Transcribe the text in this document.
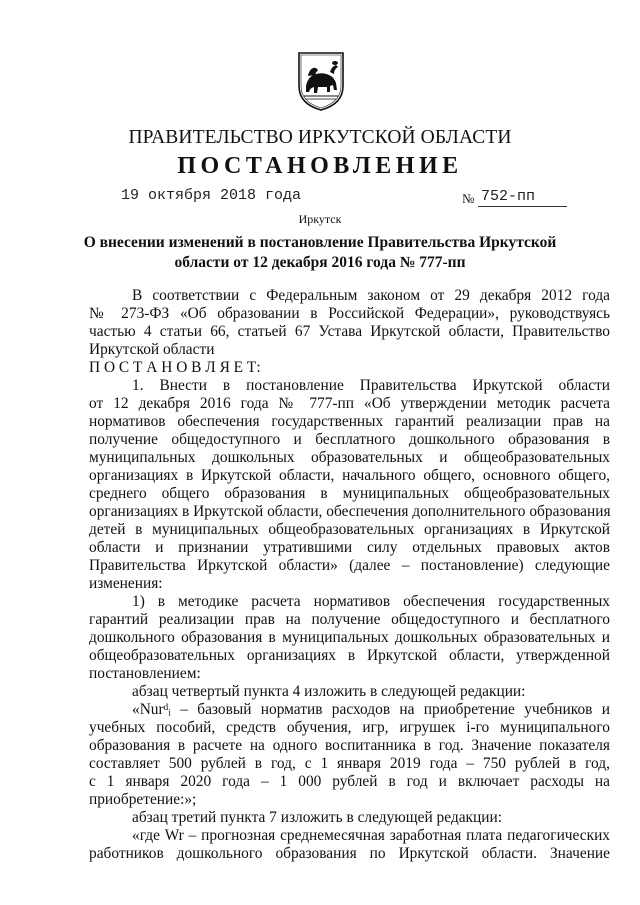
ПРАВИТЕЛЬСТВО ИРКУТСКОЙ ОБЛАСТИ
ПОСТАНОВЛЕНИЕ
19 октября 2018 года	№ 752-пп
Иркутск
О внесении изменений в постановление Правительства Иркутской
области от 12 декабря 2016 года № 777-пп
В соответствии с Федеральным законом от 29 декабря 2012 года
№ 273-ФЗ «Об образовании в Российской Федерации», руководствуясь
частью 4 статьи 66, статьей 67 Устава Иркутской области, Правительство
Иркутской области
П О С Т А Н О В Л Я Е Т:
1. Внести в постановление Правительства Иркутской области
от 12 декабря 2016 года № 777-пп «Об утверждении методик расчета
нормативов обеспечения государственных гарантий реализации прав на
получение общедоступного и бесплатного дошкольного образования в
муниципальных дошкольных образовательных и общеобразовательных
организациях в Иркутской области, начального общего, основного общего,
среднего общего образования в муниципальных общеобразовательных
организациях в Иркутской области, обеспечения дополнительного образования
детей в муниципальных общеобразовательных организациях в Иркутской
области и признании утратившими силу отдельных правовых актов
Правительства Иркутской области» (далее – постановление) следующие
изменения:
1) в методике расчета нормативов обеспечения государственных
гарантий реализации прав на получение общедоступного и бесплатного
дошкольного образования в муниципальных дошкольных образовательных и
общеобразовательных организациях в Иркутской области, утвержденной
постановлением:
абзац четвертый пункта 4 изложить в следующей редакции:
«Nurᵈᵢ – базовый норматив расходов на приобретение учебников и
учебных пособий, средств обучения, игр, игрушек i-го муниципального
образования в расчете на одного воспитанника в год. Значение показателя
составляет 500 рублей в год, с 1 января 2019 года – 750 рублей в год,
с 1 января 2020 года – 1 000 рублей в год и включает расходы на
приобретение:»;
абзац третий пункта 7 изложить в следующей редакции:
«где Wr – прогнозная среднемесячная заработная плата педагогических
работников дошкольного образования по Иркутской области. Значение
